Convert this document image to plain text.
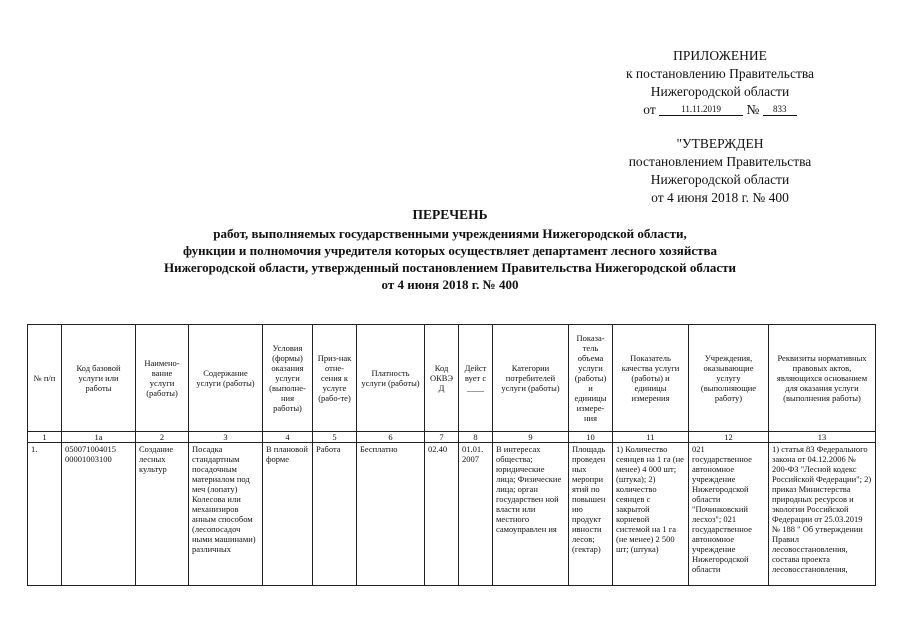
ПРИЛОЖЕНИЕ
к постановлению Правительства
Нижегородской области
от	11.11.2019 № 833
"УТВЕРЖДЕН
постановлением Правительства
Нижегородской области
от 4 июня 2018 г. № 400
ПЕРЕЧЕНЬ
работ, выполняемых государственными учреждениями Нижегородской области,
функции и полномочия учредителя которых осуществляет департамент лесного хозяйства
Нижегородской области, утвержденный постановлением Правительства Нижегородской области
от 4 июня 2018 г. № 400
№ п/п	Код базовой услуги или работы	Наимено-вание услуги (работы)	Содержание услуги (работы)	Условия (формы) оказания услуги (выполне-ния работы)	Приз-нак отне-сения к услуге (рабо-те)	Платность услуги (работы)	Код ОКВЭ Д	Дейст вует с ____	Категории потребителей услуги (работы)	Показа-тель объема услуги (работы) и единицы измере-ния	Показатель качества услуги (работы) и единицы измерения	Учреждения, оказывающие услугу (выполняющие работу)	Реквизиты нормативных правовых актов, являющихся основанием для оказания услуги (выполнения работы)
1	1а	2	3	4	5	6	7	8	9	10	11	12	13

1.	050071004015 00001003100	Создание лесных культур	Посадка стандартным посадочным материалом под меч (лопату) Колесова или механизиров анным способом (лесопосадоч ными машинами) различных	В плановой форме	Работа	Бесплатно	02.40	01.01. 2007	В интересах общества; юридические лица; Физические лица; орган государствен ной власти или местного самоуправлен ия	Площадь проведен ных меропри ятий по повышен ию продукт ивности лесов; (гектар)	1) Количество сеянцев на 1 га (не менее) 4 000 шт; (штука); 2) количество сеянцев с закрытой корневой системой на 1 га (не менее) 2 500 шт; (штука)	021 государственное автономное учреждение Нижегородской области "Починковский лесхоз"; 021 государственное автономное учреждение Нижегородской области	1) статья 83 Федерального закона от 04.12.2006 № 200-ФЗ "Лесной кодекс Российской Федерации"; 2) приказ Министерства природных ресурсов и экологии Российской Федерации от 25.03.2019 № 188 " Об утверждении Правил лесовосстановления, состава проекта лесовосстановления,
